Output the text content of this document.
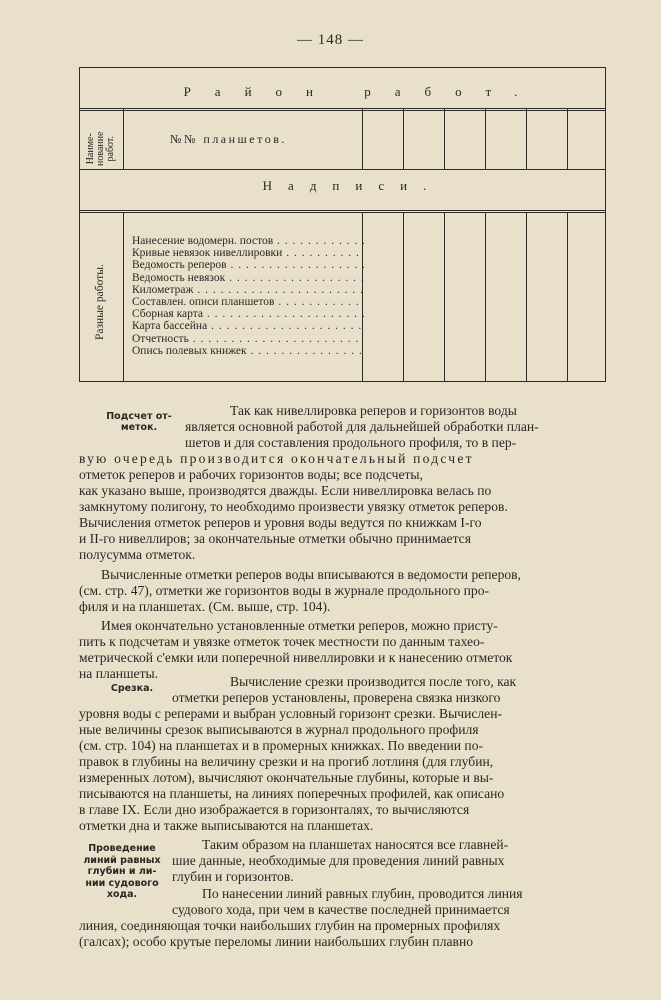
— 148 —
Район работ.
Наиме-
нование
работ.	№№ планшетов.
Надписи.
Разные работы.
Нанесение водомерн. постов . . .
Кривые невязок нивеллировки . . .
Ведомость реперов . . .
Ведомость невязок . . .
Километраж . . .
Составлен. описи планшетов . . .
Сборная карта . . .
Карта бассейна . . .
Отчетность . . .
Опись полевых книжек . . .
Подсчет от-
меток.
Срезка.
Проведение
линий равных
глубин и ли-
нии судового
хода.

Так как нивеллировка реперов и горизонтов воды

является основной работой для дальнейшей обработки план-

шетов и для составления продольного профиля, то в пер-

вую очередь производится окончательный подсчет

отметок реперов и рабочих горизонтов воды; все подсчеты,

как указано выше, производятся дважды. Если нивеллировка велась по

замкнутому полигону, то необходимо произвести увязку отметок реперов.

Вычисления отметок реперов и уровня воды ведутся по книжкам I-го

и II-го нивеллиров; за окончательные отметки обычно принимается

полусумма отметок.

Вычисленные отметки реперов воды вписываются в ведомости реперов,

(см. стр. 47), отметки же горизонтов воды в журнале продольного про-

филя и на планшетах. (См. выше, стр. 104).

Имея окончательно установленные отметки реперов, можно присту-

пить к подсчетам и увязке отметок точек местности по данным тахео-

метрической с'емки или поперечной нивеллировки и к нанесению отметок

на планшеты.

Вычисление срезки производится после того, как

отметки реперов установлены, проверена связка низкого

уровня воды с реперами и выбран условный горизонт срезки. Вычислен-

ные величины срезок выписываются в журнал продольного профиля

(см. стр. 104) на планшетах и в промерных книжках. По введении по-

правок в глубины на величину срезки и на прогиб лотлиня (для глубин,

измеренных лотом), вычисляют окончательные глубины, которые и вы-

писываются на планшеты, на линиях поперечных профилей, как описано

в главе IX. Если дно изображается в горизонталях, то вычисляются

отметки дна и также выписываются на планшетах.

Таким образом на планшетах наносятся все главней-

шие данные, необходимые для проведения линий равных

глубин и горизонтов.

По нанесении линий равных глубин, проводится линия

судового хода, при чем в качестве последней принимается

линия, соединяющая точки наибольших глубин на промерных профилях

(галсах); особо крутые переломы линии наибольших глубин плавно
